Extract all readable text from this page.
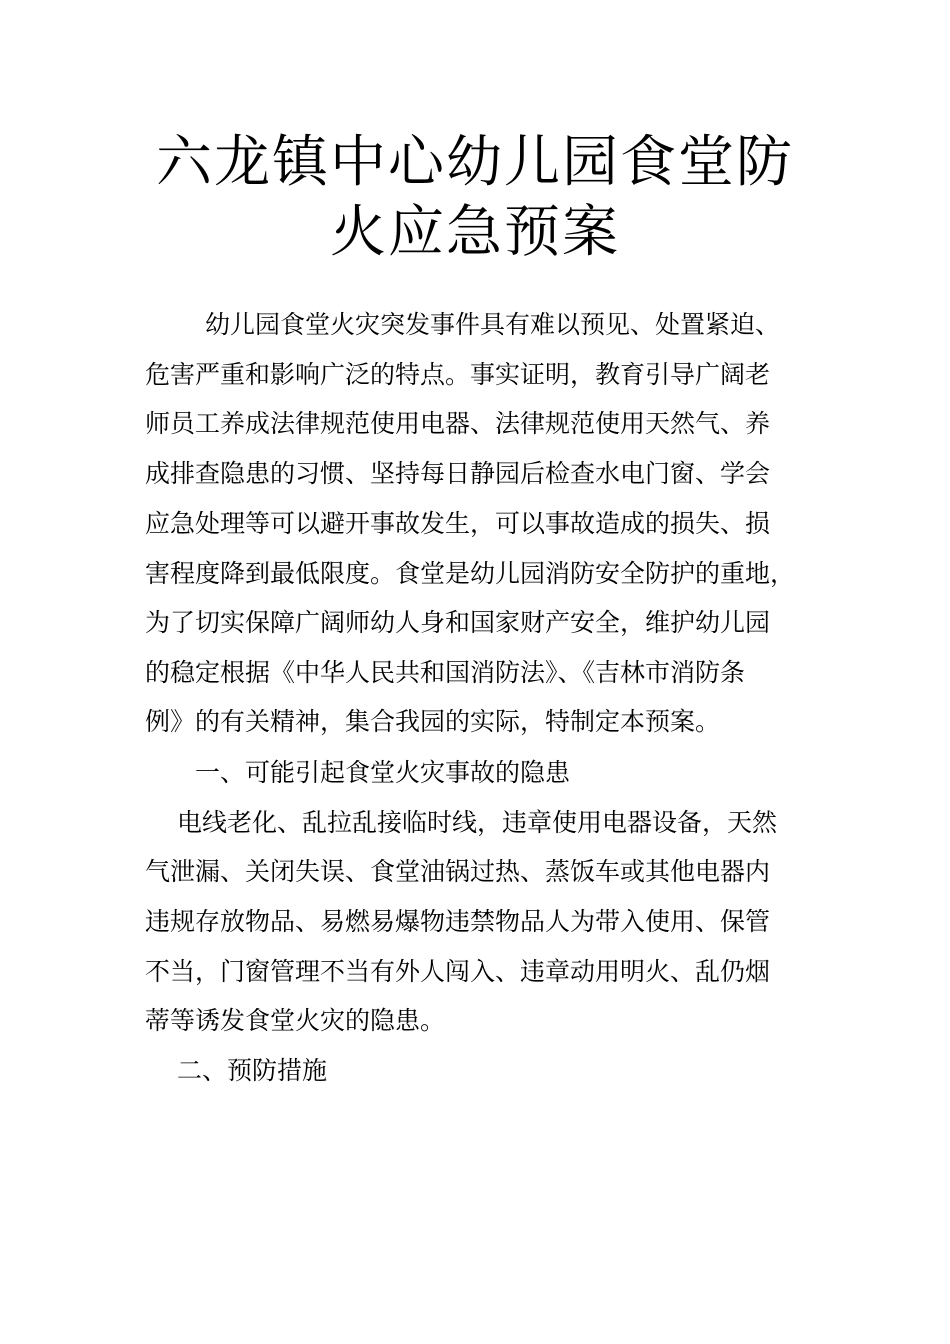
六龙镇中心幼儿园食堂防
火应急预案
幼儿园食堂火灾突发事件具有难以预见、处置紧迫、
危害严重和影响广泛的特点。事实证明，教育引导广阔老
师员工养成法律规范使用电器、法律规范使用天然气、养
成排查隐患的习惯、坚持每日静园后检查水电门窗、学会
应急处理等可以避开事故发生，可以事故造成的损失、损
害程度降到最低限度。食堂是幼儿园消防安全防护的重地，
为了切实保障广阔师幼人身和国家财产安全，维护幼儿园
的稳定根据《中华人民共和国消防法》、《吉林市消防条
例》的有关精神，集合我园的实际，特制定本预案。
一、可能引起食堂火灾事故的隐患
电线老化、乱拉乱接临时线，违章使用电器设备，天然
气泄漏、关闭失误、食堂油锅过热、蒸饭车或其他电器内
违规存放物品、易燃易爆物违禁物品人为带入使用、保管
不当，门窗管理不当有外人闯入、违章动用明火、乱仍烟
蒂等诱发食堂火灾的隐患。
二、预防措施
